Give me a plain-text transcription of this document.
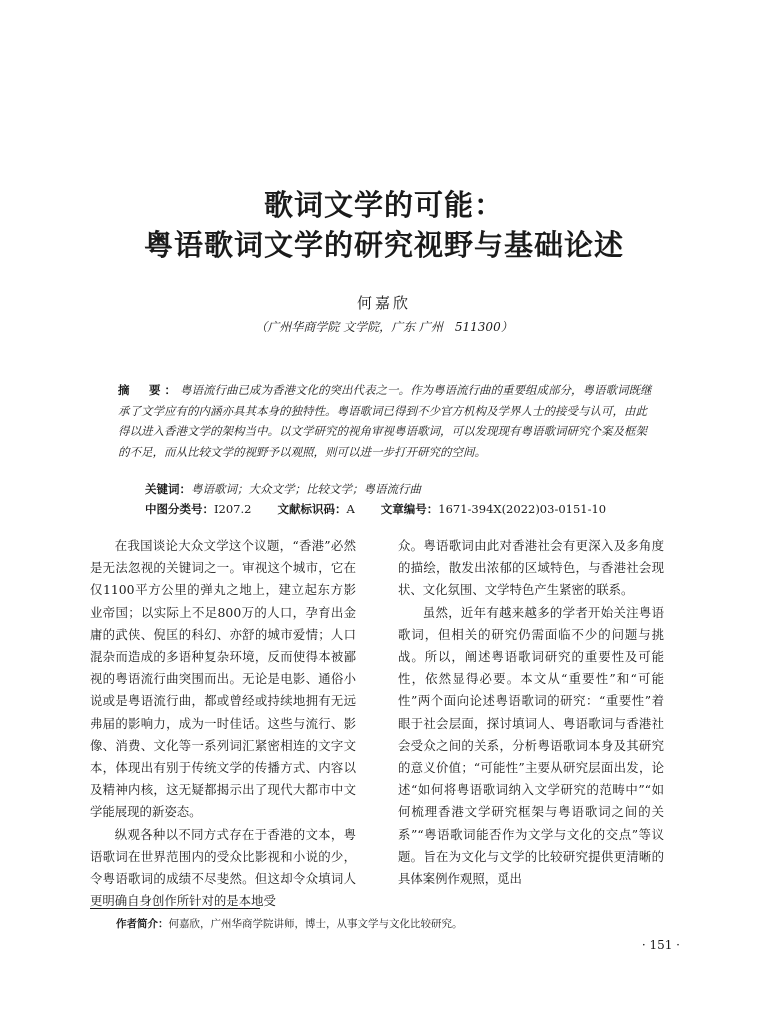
歌词文学的可能：
粤语歌词文学的研究视野与基础论述
何嘉欣
（广州华商学院 文学院，广东 广州　511300）

摘　要：粤语流行曲已成为香港文化的突出代表之一。作为粤语流行曲的重要组成部分，粤语歌词既继承了文学应有的内涵亦具其本身的独特性。粤语歌词已得到不少官方机构及学界人士的接受与认可，由此得以进入香港文学的架构当中。以文学研究的视角审视粤语歌词，可以发现现有粤语歌词研究个案及框架的不足，而从比较文学的视野予以观照，则可以进一步打开研究的空间。

关键词：粤语歌词；大众文学；比较文学；粤语流行曲
中图分类号：I207.2 文献标识码：A 文章编号：1671-394X(2022)03-0151-10

在我国谈论大众文学这个议题，“香港”必然是无法忽视的关键词之一。审视这个城市，它在仅1100平方公里的弹丸之地上，建立起东方影业帝国；以实际上不足800万的人口，孕育出金庸的武侠、倪匡的科幻、亦舒的城市爱情；人口混杂而造成的多语种复杂环境，反而使得本被鄙视的粤语流行曲突围而出。无论是电影、通俗小说或是粤语流行曲，都或曾经或持续地拥有无远弗届的影响力，成为一时佳话。这些与流行、影像、消费、文化等一系列词汇紧密相连的文字文本，体现出有别于传统文学的传播方式、内容以及精神内核，这无疑都揭示出了现代大都市中文学能展现的新姿态。

纵观各种以不同方式存在于香港的文本，粤语歌词在世界范围内的受众比影视和小说的少，令粤语歌词的成绩不尽斐然。但这却令众填词人更明确自身创作所针对的是本地受

众。粤语歌词由此对香港社会有更深入及多角度的描绘，散发出浓郁的区域特色，与香港社会现状、文化氛围、文学特色产生紧密的联系。

虽然，近年有越来越多的学者开始关注粤语歌词，但相关的研究仍需面临不少的问题与挑战。所以，阐述粤语歌词研究的重要性及可能性，依然显得必要。本文从“重要性”和“可能性”两个面向论述粤语歌词的研究：“重要性”着眼于社会层面，探讨填词人、粤语歌词与香港社会受众之间的关系，分析粤语歌词本身及其研究的意义价值；“可能性”主要从研究层面出发，论述“如何将粤语歌词纳入文学研究的范畴中”“如何梳理香港文学研究框架与粤语歌词之间的关系”“粤语歌词能否作为文学与文化的交点”等议题。旨在为文化与文学的比较研究提供更清晰的具体案例作观照，觅出

作者简介：何嘉欣，广州华商学院讲师，博士，从事文学与文化比较研究。
· 151 ·
